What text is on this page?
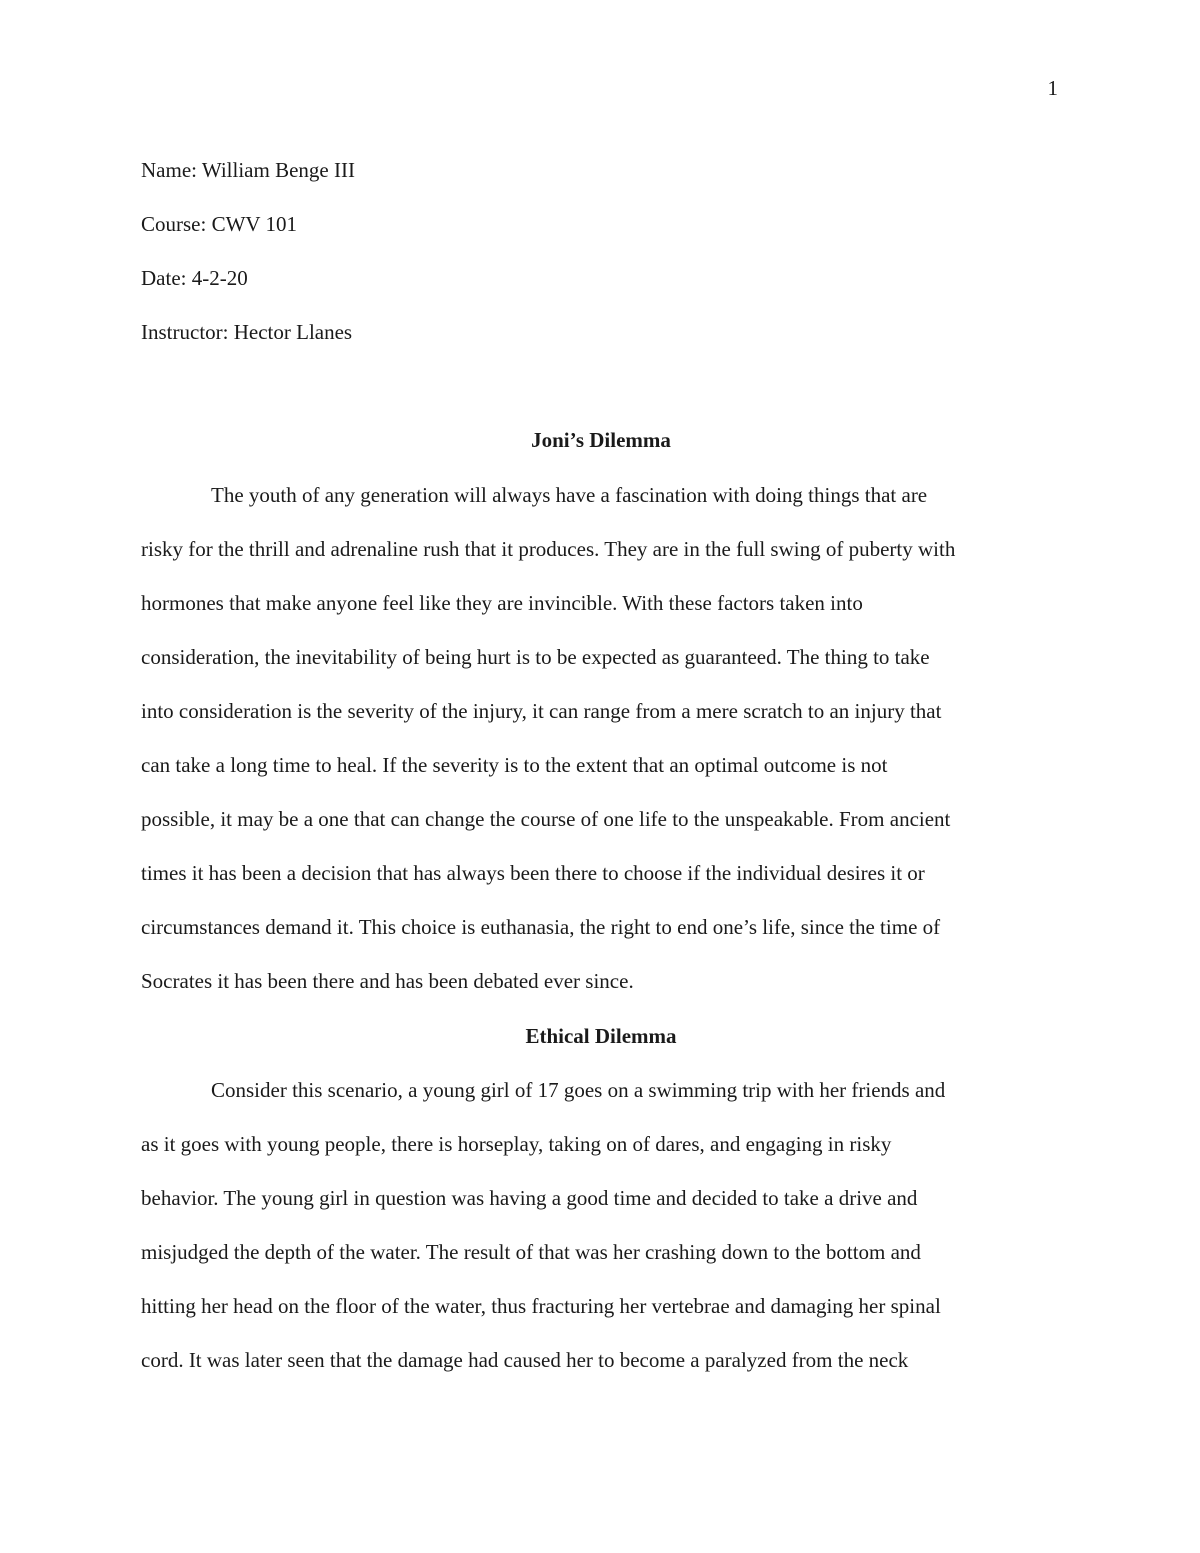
1

Name: William Benge III

Course: CWV 101

Date: 4-2-20

Instructor: Hector Llanes

Joni’s Dilemma

The youth of any generation will always have a fascination with doing things that are

risky for the thrill and adrenaline rush that it produces. They are in the full swing of puberty with

hormones that make anyone feel like they are invincible. With these factors taken into

consideration, the inevitability of being hurt is to be expected as guaranteed. The thing to take

into consideration is the severity of the injury, it can range from a mere scratch to an injury that

can take a long time to heal. If the severity is to the extent that an optimal outcome is not

possible, it may be a one that can change the course of one life to the unspeakable. From ancient

times it has been a decision that has always been there to choose if the individual desires it or

circumstances demand it. This choice is euthanasia, the right to end one’s life, since the time of

Socrates it has been there and has been debated ever since.

Ethical Dilemma

Consider this scenario, a young girl of 17 goes on a swimming trip with her friends and

as it goes with young people, there is horseplay, taking on of dares, and engaging in risky

behavior. The young girl in question was having a good time and decided to take a drive and

misjudged the depth of the water. The result of that was her crashing down to the bottom and

hitting her head on the floor of the water, thus fracturing her vertebrae and damaging her spinal

cord. It was later seen that the damage had caused her to become a paralyzed from the neck
